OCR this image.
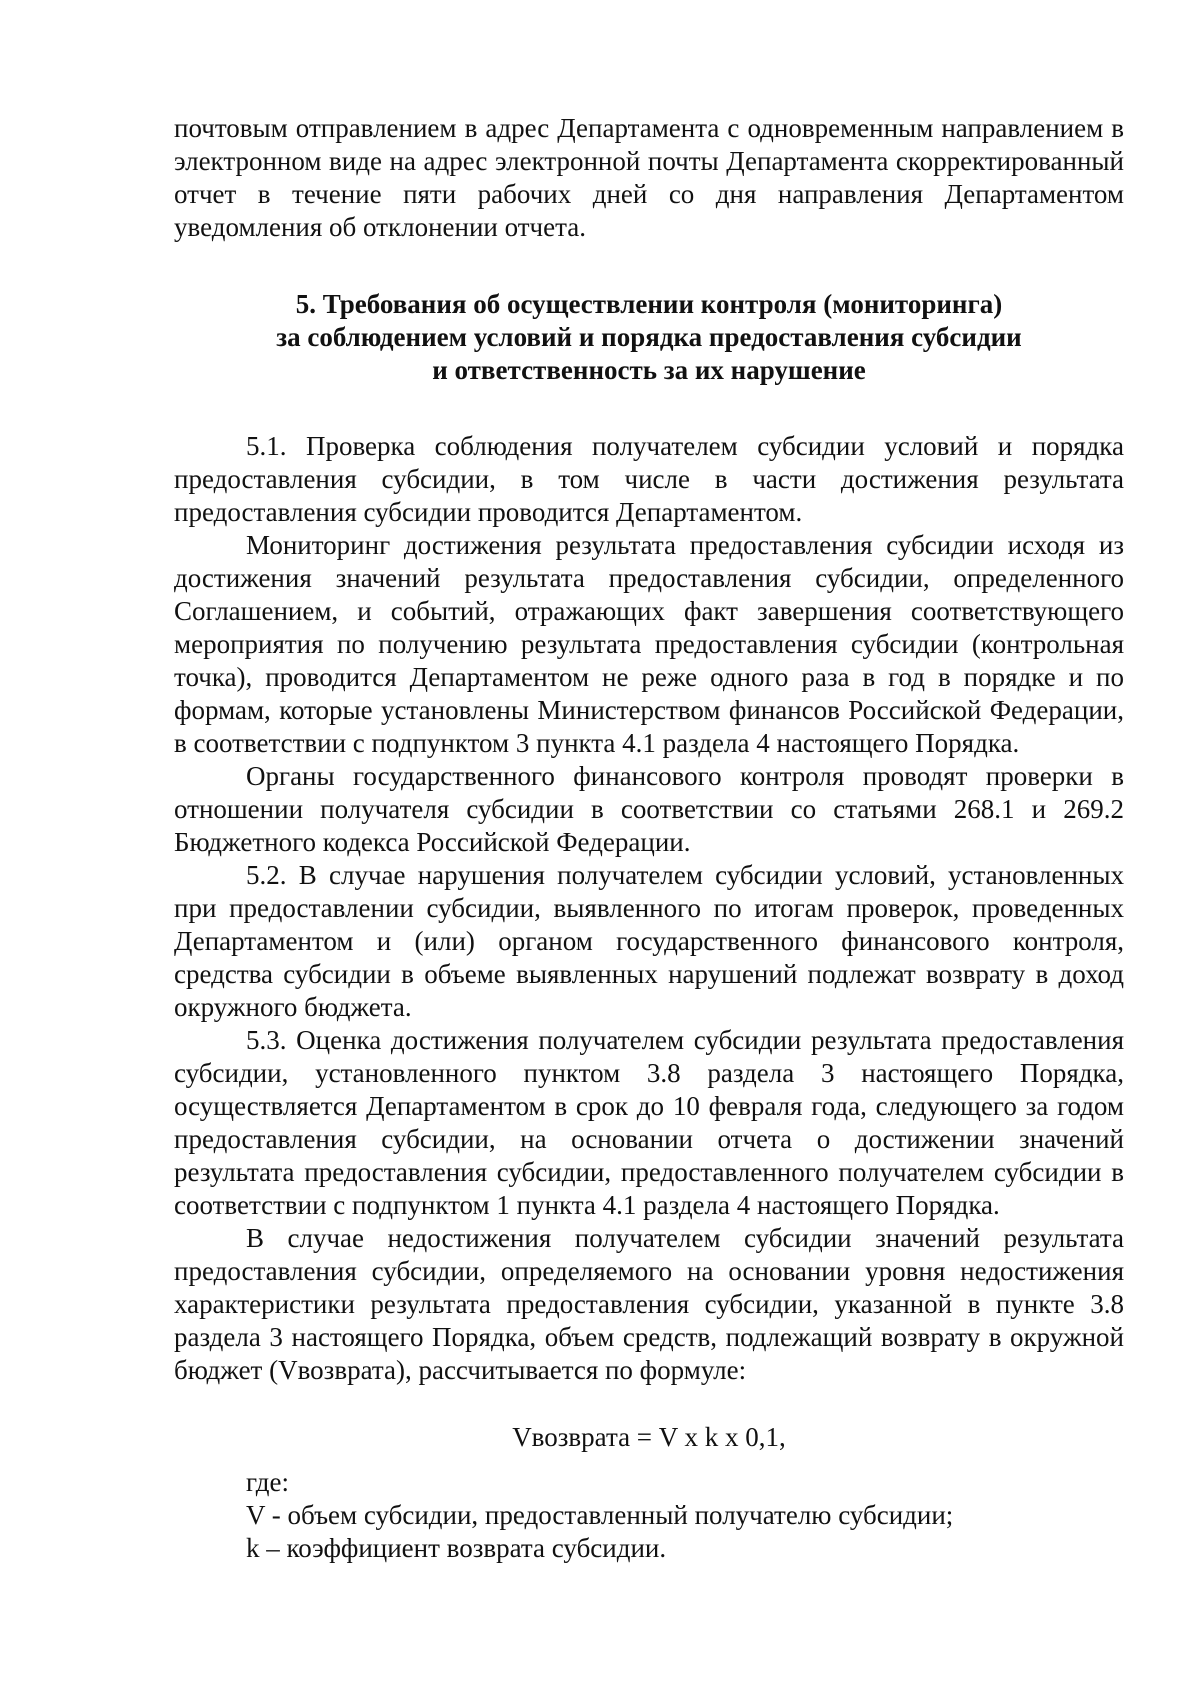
почтовым отправлением в адрес Департамента с одновременным направлением в электронном виде на адрес электронной почты Департамента скорректированный отчет в течение пяти рабочих дней со дня направления Департаментом уведомления об отклонении отчета.

5. Требования об осуществлении контроля (мониторинга)
за соблюдением условий и порядка предоставления субсидии
и ответственность за их нарушение

5.1. Проверка соблюдения получателем субсидии условий и порядка предоставления субсидии, в том числе в части достижения результата предоставления субсидии проводится Департаментом.

Мониторинг достижения результата предоставления субсидии исходя из достижения значений результата предоставления субсидии, определенного Соглашением, и событий, отражающих факт завершения соответствующего мероприятия по получению результата предоставления субсидии (контрольная точка), проводится Департаментом не реже одного раза в год в порядке и по формам, которые установлены Министерством финансов Российской Федерации, в соответствии с подпунктом 3 пункта 4.1 раздела 4 настоящего Порядка.

Органы государственного финансового контроля проводят проверки в отношении получателя субсидии в соответствии со статьями 268.1 и 269.2 Бюджетного кодекса Российской Федерации.

5.2. В случае нарушения получателем субсидии условий, установленных при предоставлении субсидии, выявленного по итогам проверок, проведенных Департаментом и (или) органом государственного финансового контроля, средства субсидии в объеме выявленных нарушений подлежат возврату в доход окружного бюджета.

5.3. Оценка достижения получателем субсидии результата предоставления субсидии, установленного пунктом 3.8 раздела 3 настоящего Порядка, осуществляется Департаментом в срок до 10 февраля года, следующего за годом предоставления субсидии, на основании отчета о достижении значений результата предоставления субсидии, предоставленного получателем субсидии в соответствии с подпунктом 1 пункта 4.1 раздела 4 настоящего Порядка.

В случае недостижения получателем субсидии значений результата предоставления субсидии, определяемого на основании уровня недостижения характеристики результата предоставления субсидии, указанной в пункте 3.8 раздела 3 настоящего Порядка, объем средств, подлежащий возврату в окружной бюджет (Vвозврата), рассчитывается по формуле:

Vвозврата = V x k x 0,1,
где:
V - объем субсидии, предоставленный получателю субсидии;
k – коэффициент возврата субсидии.
